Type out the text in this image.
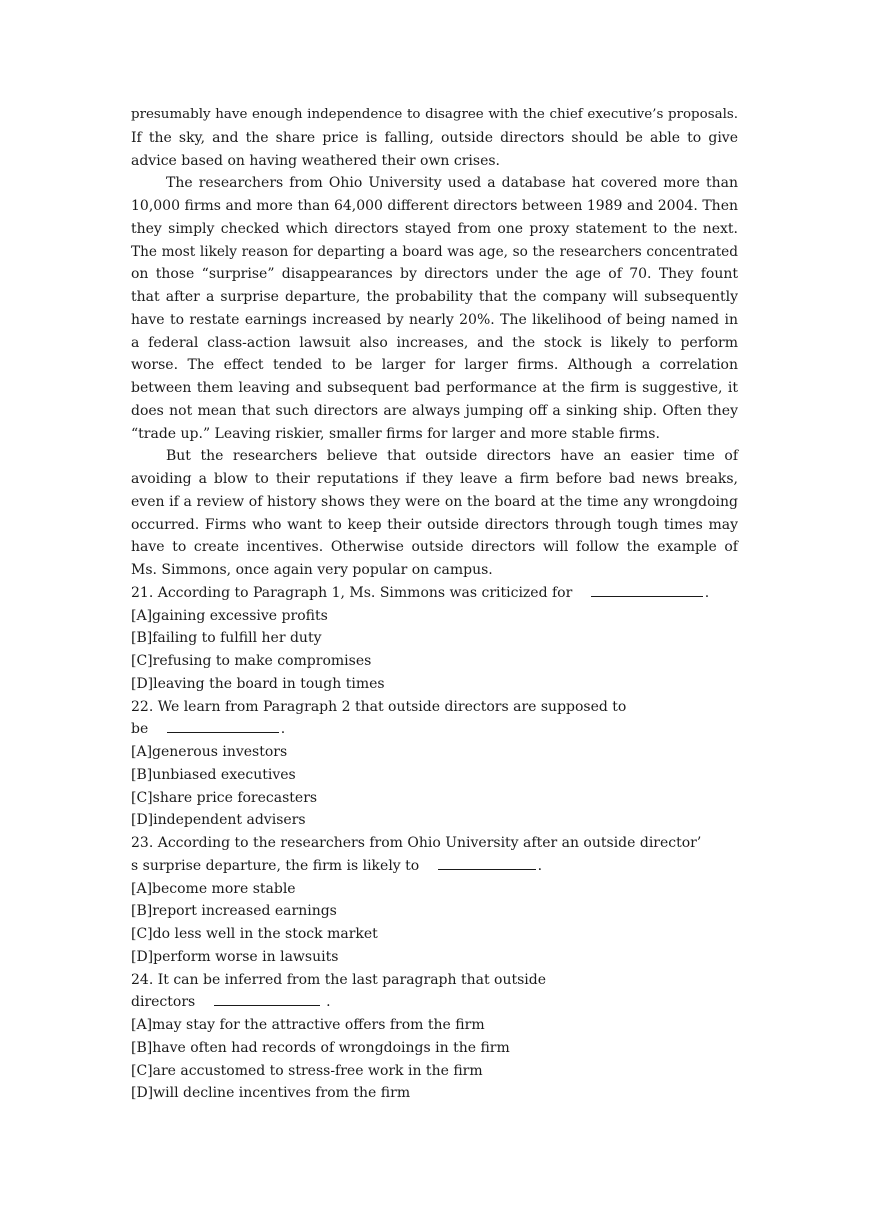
presumably have enough independence to disagree with the chief executive’s proposals.
If the sky, and the share price is falling, outside directors should be able to give
advice based on having weathered their own crises.
The researchers from Ohio University used a database hat covered more than
10,000 firms and more than 64,000 different directors between 1989 and 2004. Then
they simply checked which directors stayed from one proxy statement to the next.
The most likely reason for departing a board was age, so the researchers concentrated
on those “surprise” disappearances by directors under the age of 70. They fount
that after a surprise departure, the probability that the company will subsequently
have to restate earnings increased by nearly 20%. The likelihood of being named in
a federal class-action lawsuit also increases, and the stock is likely to perform
worse. The effect tended to be larger for larger firms. Although a correlation
between them leaving and subsequent bad performance at the firm is suggestive, it
does not mean that such directors are always jumping off a sinking ship. Often they
“trade up.” Leaving riskier, smaller firms for larger and more stable firms.
But the researchers believe that outside directors have an easier time of
avoiding a blow to their reputations if they leave a firm before bad news breaks,
even if a review of history shows they were on the board at the time any wrongdoing
occurred. Firms who want to keep their outside directors through tough times may
have to create incentives. Otherwise outside directors will follow the example of
Ms. Simmons, once again very popular on campus.
21. According to Paragraph 1, Ms. Simmons was criticized for	.
[A]gaining excessive profits
[B]failing to fulfill her duty
[C]refusing to make compromises
[D]leaving the board in tough times
22. We learn from Paragraph 2 that outside directors are supposed to
be	.
[A]generous investors
[B]unbiased executives
[C]share price forecasters
[D]independent advisers
23. According to the researchers from Ohio University after an outside director’
s surprise departure, the firm is likely to	.
[A]become more stable
[B]report increased earnings
[C]do less well in the stock market
[D]perform worse in lawsuits
24. It can be inferred from the last paragraph that outside
directors	.
[A]may stay for the attractive offers from the firm
[B]have often had records of wrongdoings in the firm
[C]are accustomed to stress-free work in the firm
[D]will decline incentives from the firm
